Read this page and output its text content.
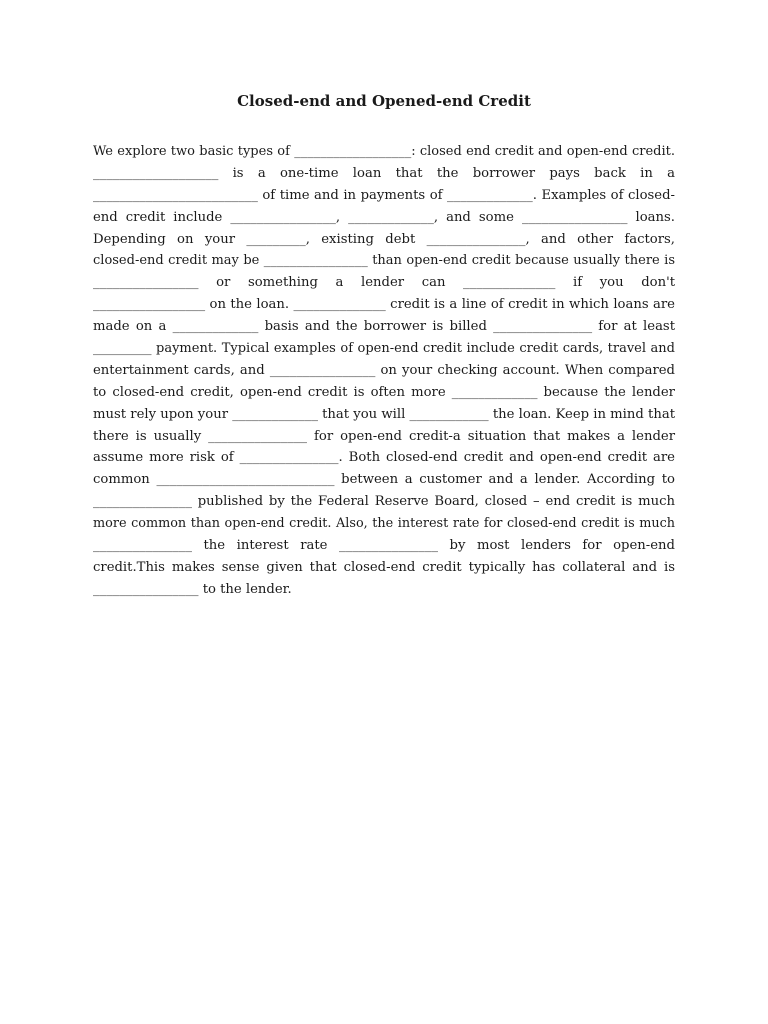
Closed-end and Opened-end Credit
We explore two basic types of __________________: closed end credit and open-end credit.
___________________ is a one-time loan that the borrower pays back in a
_________________________ of time and in payments of _____________. Examples of closed-
end credit include ________________, _____________, and some ________________ loans.
Depending on your _________, existing debt _______________, and other factors,
closed-end credit may be ________________ than open-end credit because usually there is
________________ or something a lender can ______________ if you don't
_________________ on the loan. ______________ credit is a line of credit in which loans are
made on a _____________ basis and the borrower is billed _______________ for at least
_________ payment. Typical examples of open-end credit include credit cards, travel and
entertainment cards, and ________________ on your checking account. When compared
to closed-end credit, open-end credit is often more _____________ because the lender
must rely upon your _____________ that you will ____________ the loan. Keep in mind that
there is usually _______________ for open-end credit-a situation that makes a lender
assume more risk of _______________. Both closed-end credit and open-end credit are
common ___________________________ between a customer and a lender. According to
_______________ published by the Federal Reserve Board, closed – end credit is much
more common than open-end credit. Also, the interest rate for closed-end credit is much
_______________ the interest rate _______________ by most lenders for open-end
credit.This makes sense given that closed-end credit typically has collateral and is
________________ to the lender.
